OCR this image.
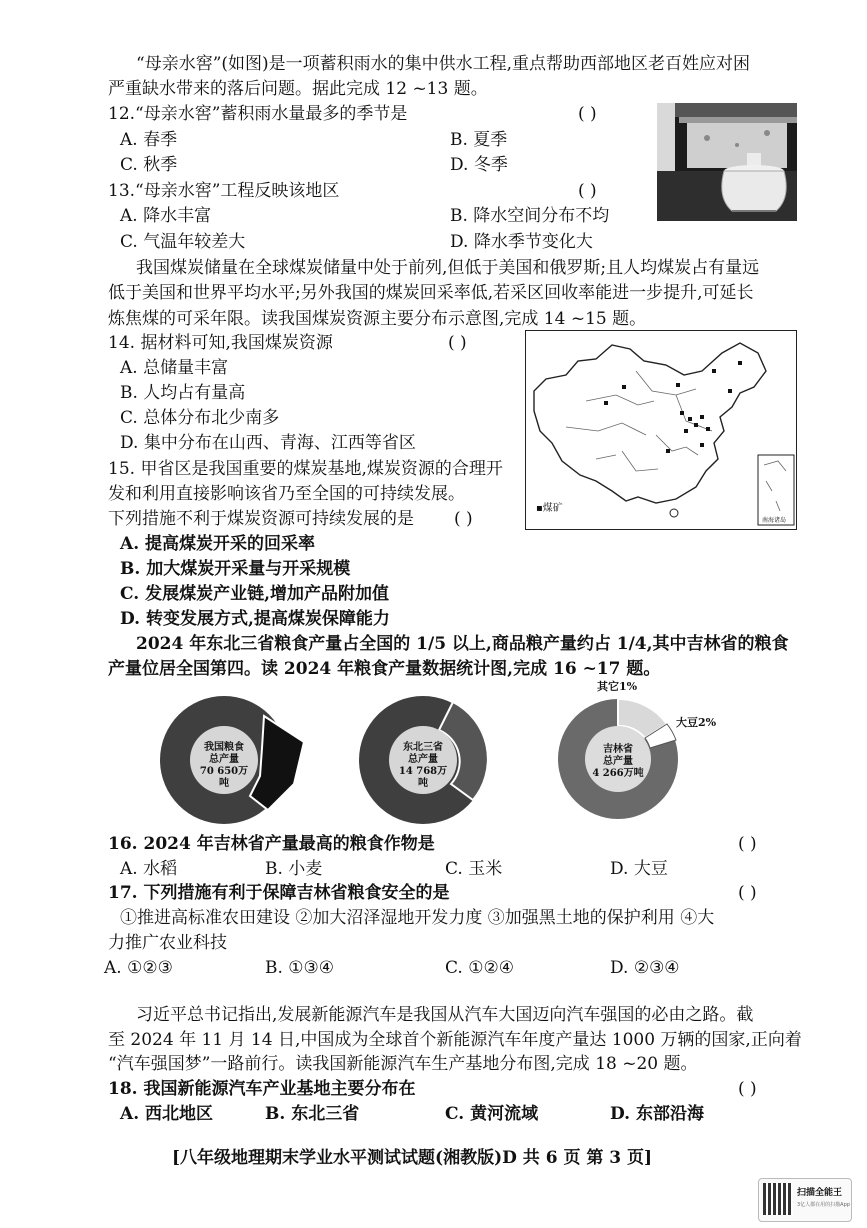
“母亲水窖”(如图)是一项蓄积雨水的集中供水工程,重点帮助西部地区老百姓应对困
严重缺水带来的落后问题。据此完成 12 ~13 题。
12.“母亲水窖”蓄积雨水量最多的季节是	( )
A. 春季	B. 夏季
C. 秋季	D. 冬季
13.“母亲水窖”工程反映该地区	( )
A. 降水丰富	B. 降水空间分布不均
C. 气温年较差大	D. 降水季节变化大
我国煤炭储量在全球煤炭储量中处于前列,但低于美国和俄罗斯;且人均煤炭占有量远
低于美国和世界平均水平;另外我国的煤炭回采率低,若采区回收率能进一步提升,可延长
炼焦煤的可采年限。读我国煤炭资源主要分布示意图,完成 14 ~15 题。
14. 据材料可知,我国煤炭资源	( )
A. 总储量丰富
B. 人均占有量高
C. 总体分布北少南多
D. 集中分布在山西、青海、江西等省区
▪煤矿
南海诸岛
15. 甲省区是我国重要的煤炭基地,煤炭资源的合理开
发和利用直接影响该省乃至全国的可持续发展。
下列措施不利于煤炭资源可持续发展的是 ( )
A. 提高煤炭开采的回采率
B. 加大煤炭开采量与开采规模
C. 发展煤炭产业链,增加产品附加值
D. 转变发展方式,提高煤炭保障能力
2024 年东北三省粮食产量占全国的 1/5 以上,商品粮产量约占 1/4,其中吉林省的粮食
产量位居全国第四。读 2024 年粮食产量数据统计图,完成 16 ~17 题。
我国粮食
总产量
70 650万吨
东北三省
总产量
14 768万吨
吉林省
总产量
4 266万吨
其它1%
大豆2%
16. 2024 年吉林省产量最高的粮食作物是	( )
A. 水稻	B. 小麦	C. 玉米	D. 大豆
17. 下列措施有利于保障吉林省粮食安全的是	( )
①推进高标准农田建设 ②加大沼泽湿地开发力度 ③加强黑土地的保护利用 ④大
力推广农业科技
A. ①②③	B. ①③④	C. ①②④	D. ②③④
习近平总书记指出,发展新能源汽车是我国从汽车大国迈向汽车强国的必由之路。截
至 2024 年 11 月 14 日,中国成为全球首个新能源汽车年度产量达 1000 万辆的国家,正向着
“汽车强国梦”一路前行。读我国新能源汽车生产基地分布图,完成 18 ~20 题。
18. 我国新能源汽车产业基地主要分布在	( )
A. 西北地区	B. 东北三省	C. 黄河流域	D. 东部沿海
[八年级地理期末学业水平测试试题(湘教版)D 共 6 页 第 3 页]
扫描全能王
3亿人都在用的扫描App
